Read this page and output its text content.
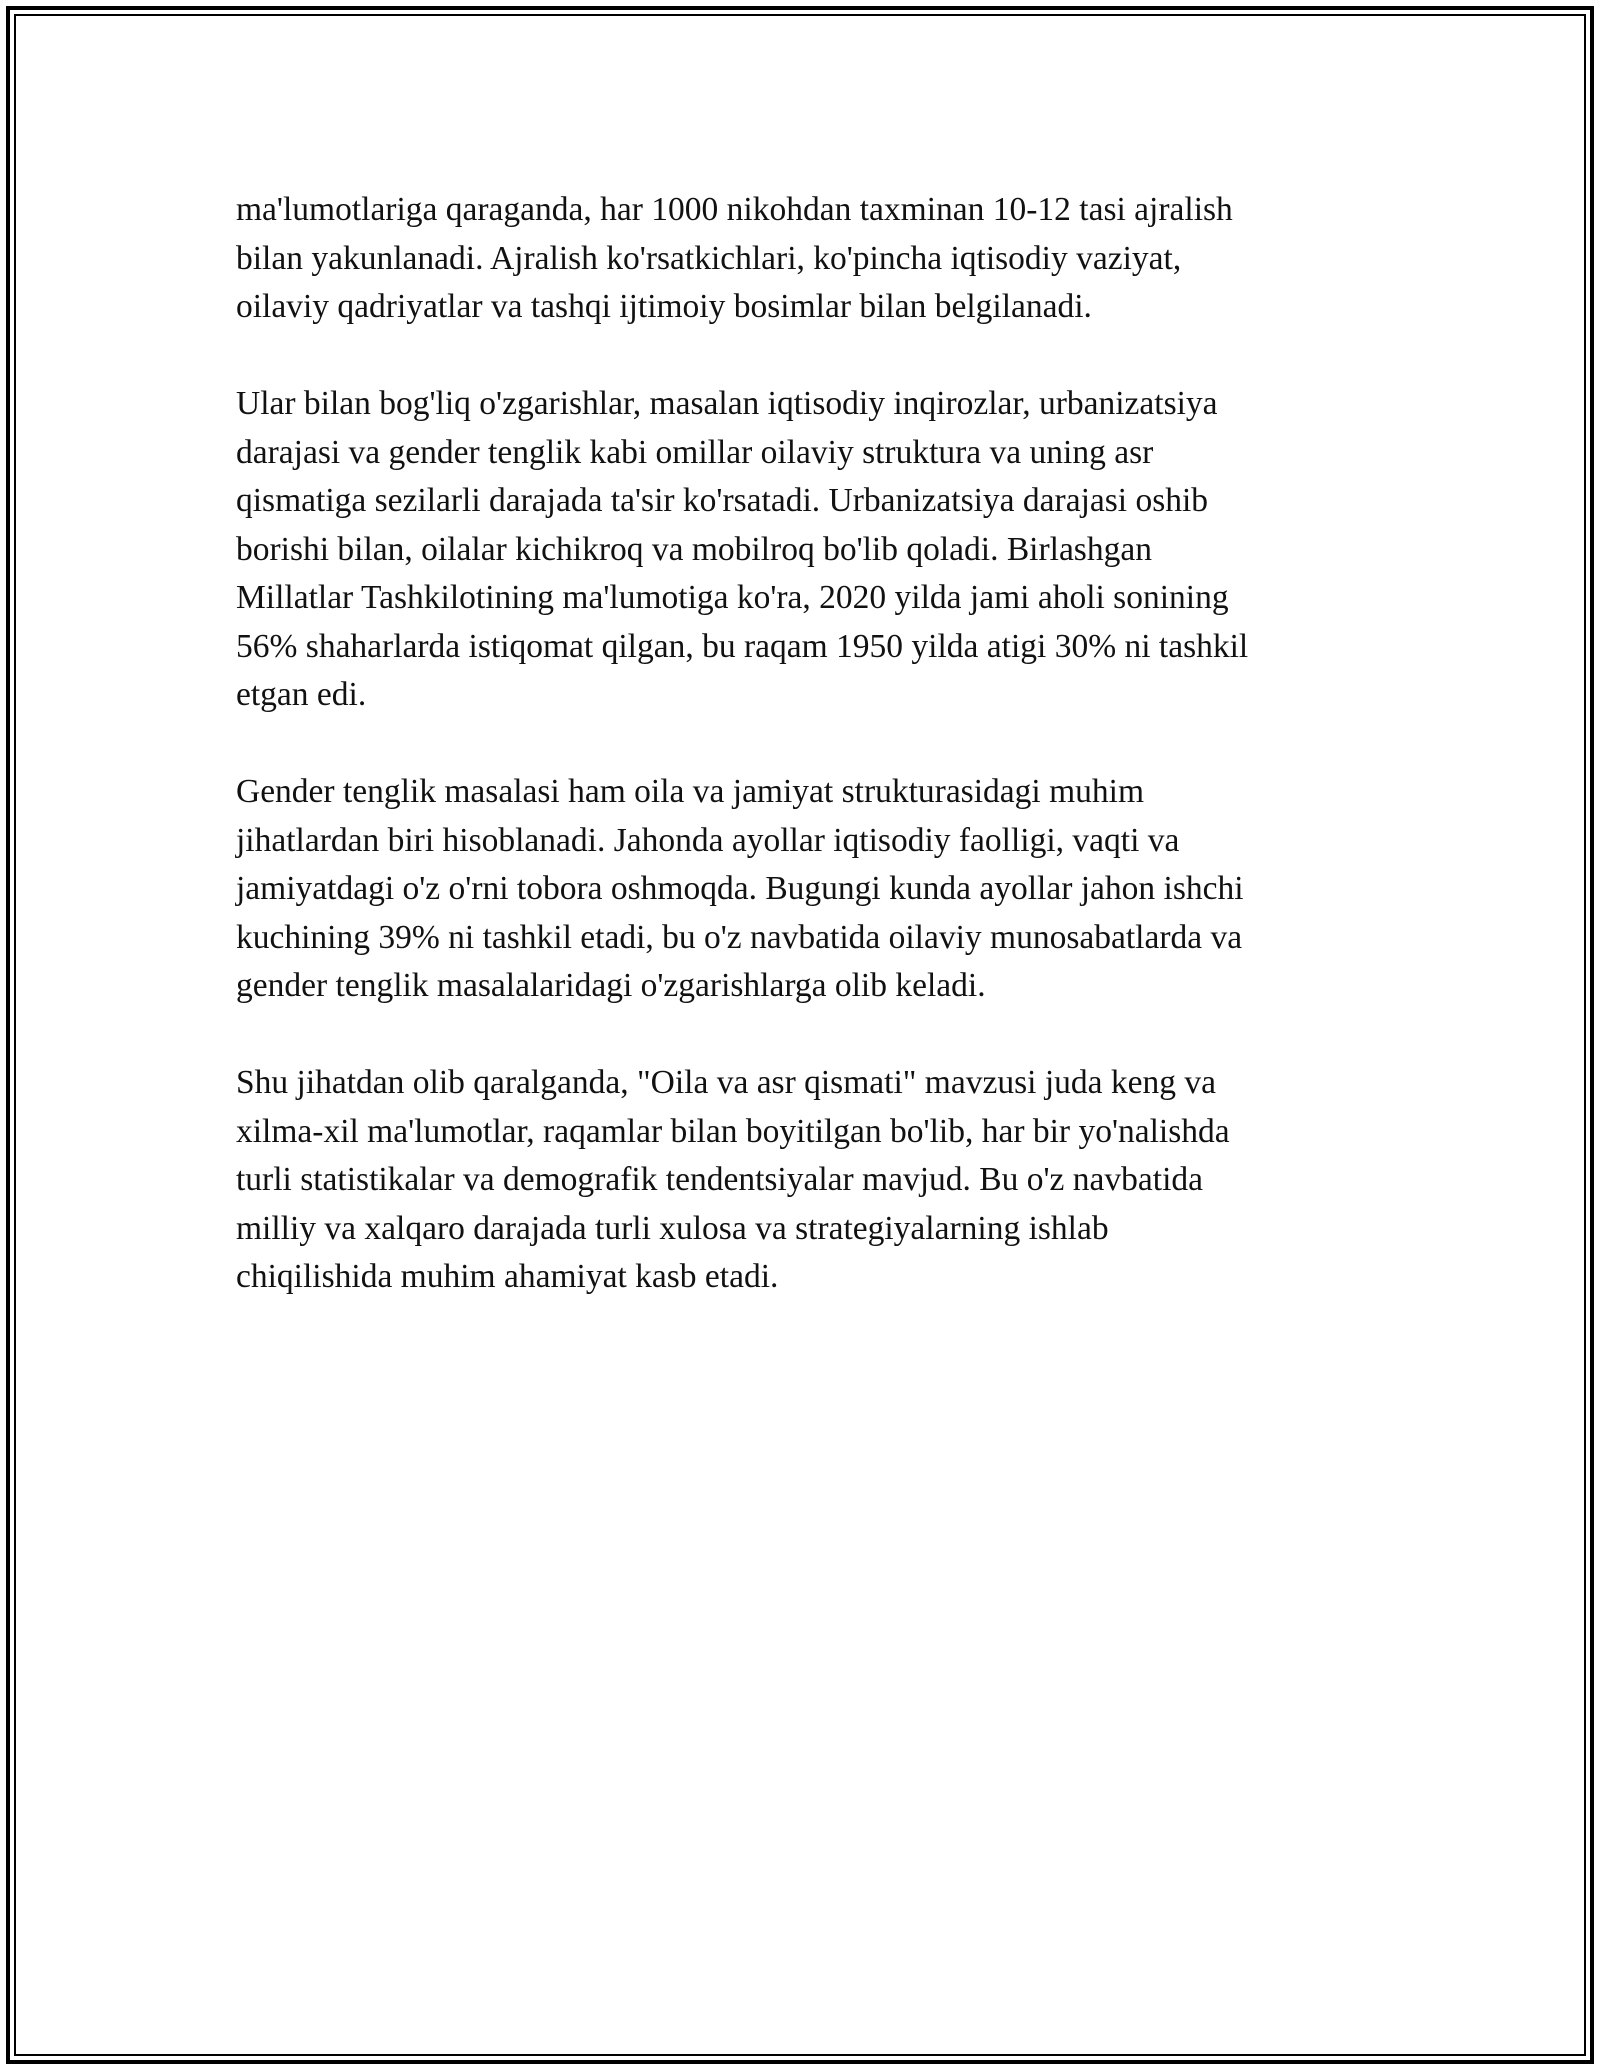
ma'lumotlariga qaraganda, har 1000 nikohdan taxminan 10-12 tasi ajralish
bilan yakunlanadi. Ajralish ko'rsatkichlari, ko'pincha iqtisodiy vaziyat,
oilaviy qadriyatlar va tashqi ijtimoiy bosimlar bilan belgilanadi.

Ular bilan bog'liq o'zgarishlar, masalan iqtisodiy inqirozlar, urbanizatsiya
darajasi va gender tenglik kabi omillar oilaviy struktura va uning asr
qismatiga sezilarli darajada ta'sir ko'rsatadi. Urbanizatsiya darajasi oshib
borishi bilan, oilalar kichikroq va mobilroq bo'lib qoladi. Birlashgan
Millatlar Tashkilotining ma'lumotiga ko'ra, 2020 yilda jami aholi sonining
56% shaharlarda istiqomat qilgan, bu raqam 1950 yilda atigi 30% ni tashkil
etgan edi.

Gender tenglik masalasi ham oila va jamiyat strukturasidagi muhim
jihatlardan biri hisoblanadi. Jahonda ayollar iqtisodiy faolligi, vaqti va
jamiyatdagi o'z o'rni tobora oshmoqda. Bugungi kunda ayollar jahon ishchi
kuchining 39% ni tashkil etadi, bu o'z navbatida oilaviy munosabatlarda va
gender tenglik masalalaridagi o'zgarishlarga olib keladi.

Shu jihatdan olib qaralganda, "Oila va asr qismati" mavzusi juda keng va
xilma-xil ma'lumotlar, raqamlar bilan boyitilgan bo'lib, har bir yo'nalishda
turli statistikalar va demografik tendentsiyalar mavjud. Bu o'z navbatida
milliy va xalqaro darajada turli xulosa va strategiyalarning ishlab
chiqilishida muhim ahamiyat kasb etadi.
